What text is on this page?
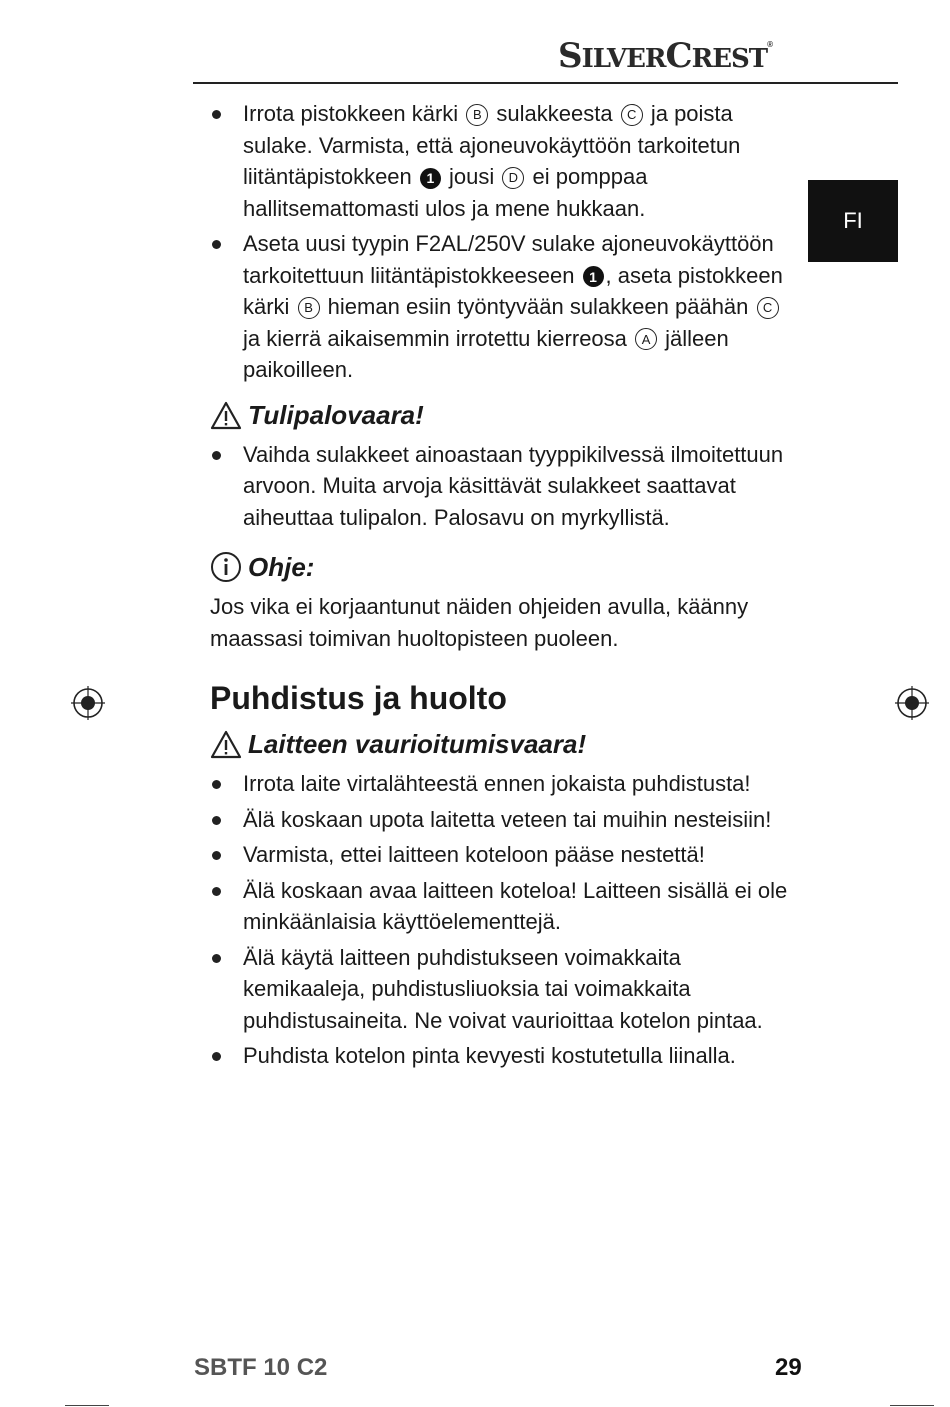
SILVERCREST®
FI
Irrota pistokkeen kärki B sulakkeesta C ja poista sulake. Varmista, että ajoneuvokäyttöön tarkoitetun liitäntäpistokkeen 1 jousi D ei pomppaa hallitsemattomasti ulos ja mene hukkaan.
Aseta uusi tyypin F2AL/250V sulake ajoneuvokäyttöön tarkoitettuun liitäntäpistokkeeseen 1 , aseta pistokkeen kärki B hieman esiin työntyvään sulakkeen päähän C ja kierrä aikaisemmin irrotettu kierreosa A jälleen paikoilleen.
Tulipalovaara!
Vaihda sulakkeet ainoastaan tyyppikilvessä ilmoitettuun arvoon. Muita arvoja käsittävät sulakkeet saattavat aiheuttaa tulipalon. Palosavu on myrkyllistä.
Ohje:

Jos vika ei korjaantunut näiden ohjeiden avulla, käänny maassasi toimivan huoltopisteen puoleen.

Puhdistus ja huolto
Laitteen vaurioitumisvaara!
Irrota laite virtalähteestä ennen jokaista puhdistusta!
Älä koskaan upota laitetta veteen tai muihin nesteisiin!
Varmista, ettei laitteen koteloon pääse nestettä!
Älä koskaan avaa laitteen koteloa! Laitteen sisällä ei ole minkäänlaisia käyttöelementtejä.
Älä käytä laitteen puhdistukseen voimakkaita kemikaaleja, puhdistusliuoksia tai voimakkaita puhdistusaineita. Ne voivat vaurioittaa kotelon pintaa.
Puhdista kotelon pinta kevyesti kostutetulla liinalla.
SBTF 10 C2	29
